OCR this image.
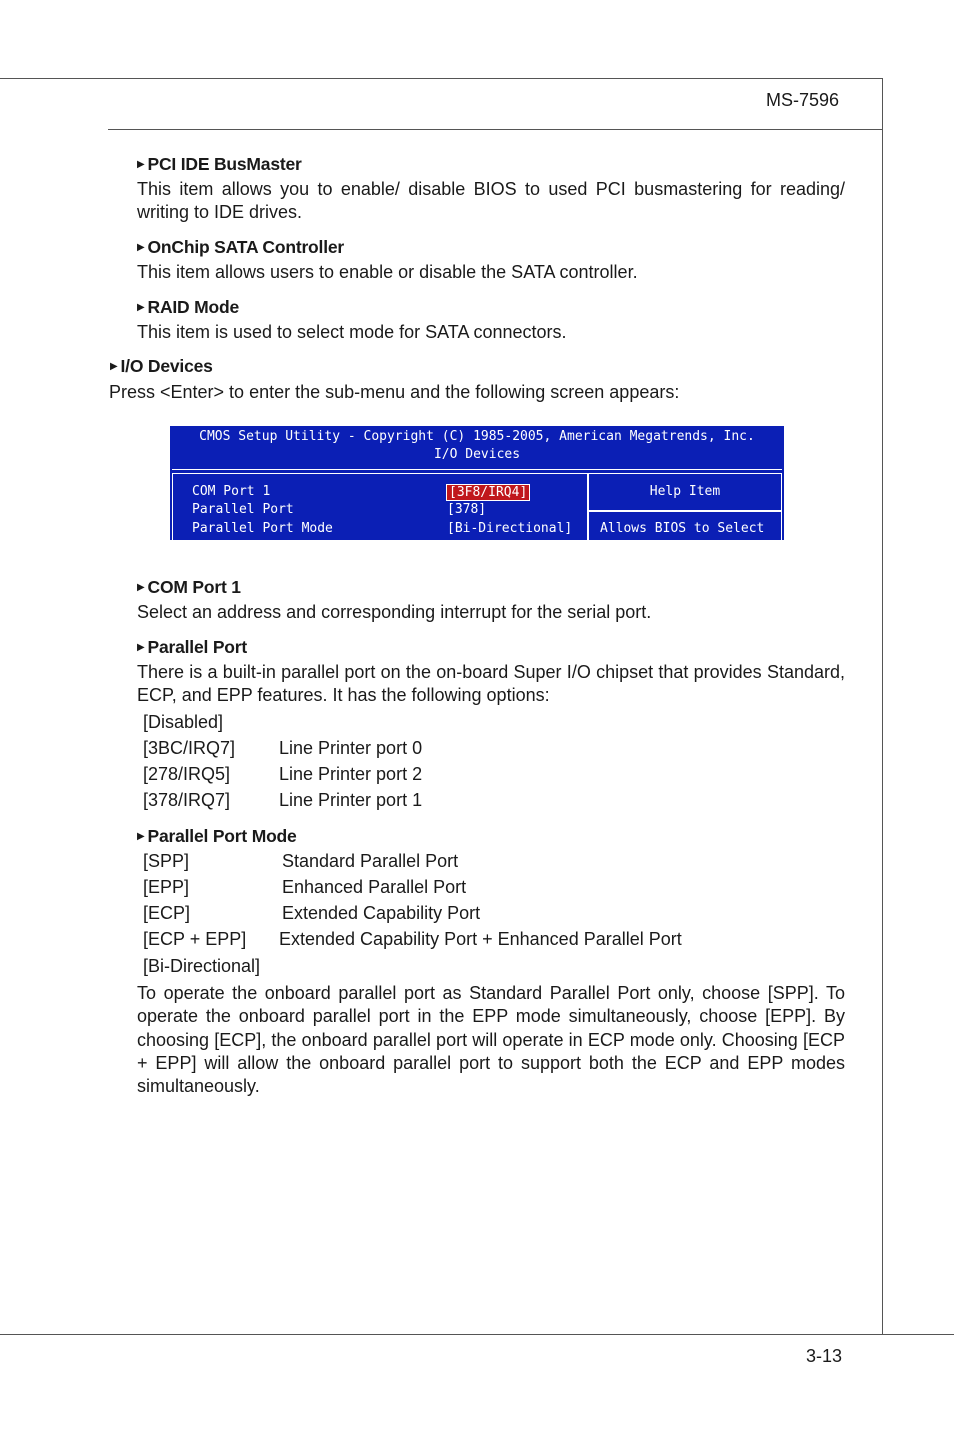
MS-7596
3-13
▶ PCI IDE BusMaster
This item allows you to enable/ disable BIOS to used PCI busmastering for reading/ writing to IDE drives.
▶ OnChip SATA Controller
This item allows users to enable or disable the SATA controller.
▶ RAID Mode
This item is used to select mode for SATA connectors.
▶ I/O Devices
Press <Enter> to enter the sub-menu and the following screen appears:
CMOS Setup Utility - Copyright (C) 1985-2005, American Megatrends, Inc.
I/O Devices
COM Port 1	[3F8/IRQ4]
Parallel Port	[378]
Parallel Port Mode	[Bi-Directional]
Help Item
Allows BIOS to Select
▶ COM Port 1
Select an address and corresponding interrupt for the serial port.
▶ Parallel Port
There is a built-in parallel port on the on-board Super I/O chipset that provides Standard, ECP, and EPP features. It has the following options:
[Disabled]
[3BC/IRQ7] Line Printer port 0
[278/IRQ5]	Line Printer port 2
[378/IRQ7]	Line Printer port 1
▶ Parallel Port Mode
[SPP]	Standard Parallel Port
[EPP]	Enhanced Parallel Port
[ECP]	Extended Capability Port
[ECP + EPP] Extended Capability Port + Enhanced Parallel Port
[Bi-Directional]
To operate the onboard parallel port as Standard Parallel Port only, choose [SPP]. To operate the onboard parallel port in the EPP mode simultaneously, choose [EPP]. By choosing [ECP], the onboard parallel port will operate in ECP mode only. Choosing [ECP + EPP] will allow the onboard parallel port to support both the ECP and EPP modes simultaneously.
